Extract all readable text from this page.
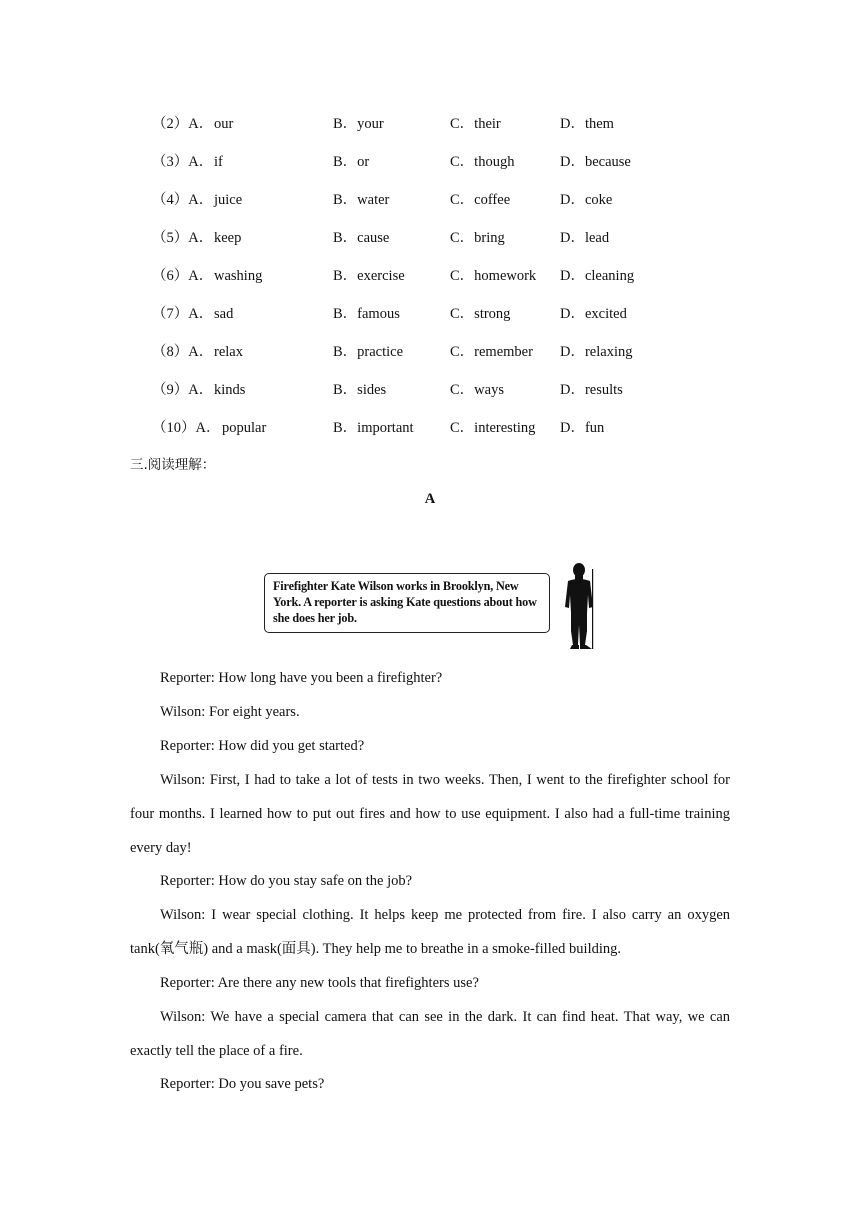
（2）A． our	B．your	C．their	D．them
（3）A． if	B．or	C．though	D．because
（4）A． juice	B．water	C．coffee	D．coke
（5）A． keep	B．cause	C．bring	D．lead
（6）A． washing	B．exercise	C．homework D．cleaning
（7）A． sad	B．famous	C．strong	D．excited
（8）A． relax	B．practice	C．remember D．relaxing
（9）A． kinds	B．sides	C．ways	D．results
（10）A． popular	B．important	C．interesting D．fun
三.阅读理解：
A
Firefighter Kate Wilson works in Brooklyn, New York. A reporter is asking Kate questions about how she does her job.
Reporter: How long have you been a firefighter?
Wilson: For eight years.
Reporter: How did you get started?
Wilson: First, I had to take a lot of tests in two weeks. Then, I went to the firefighter school for four months. I learned how to put out fires and how to use equipment. I also had a full-time training every day!
Reporter: How do you stay safe on the job?
Wilson: I wear special clothing. It helps keep me protected from fire. I also carry an oxygen tank(氧气瓶) and a mask(面具). They help me to breathe in a smoke-filled building.
Reporter: Are there any new tools that firefighters use?
Wilson: We have a special camera that can see in the dark. It can find heat. That way, we can exactly tell the place of a fire.
Reporter: Do you save pets?
